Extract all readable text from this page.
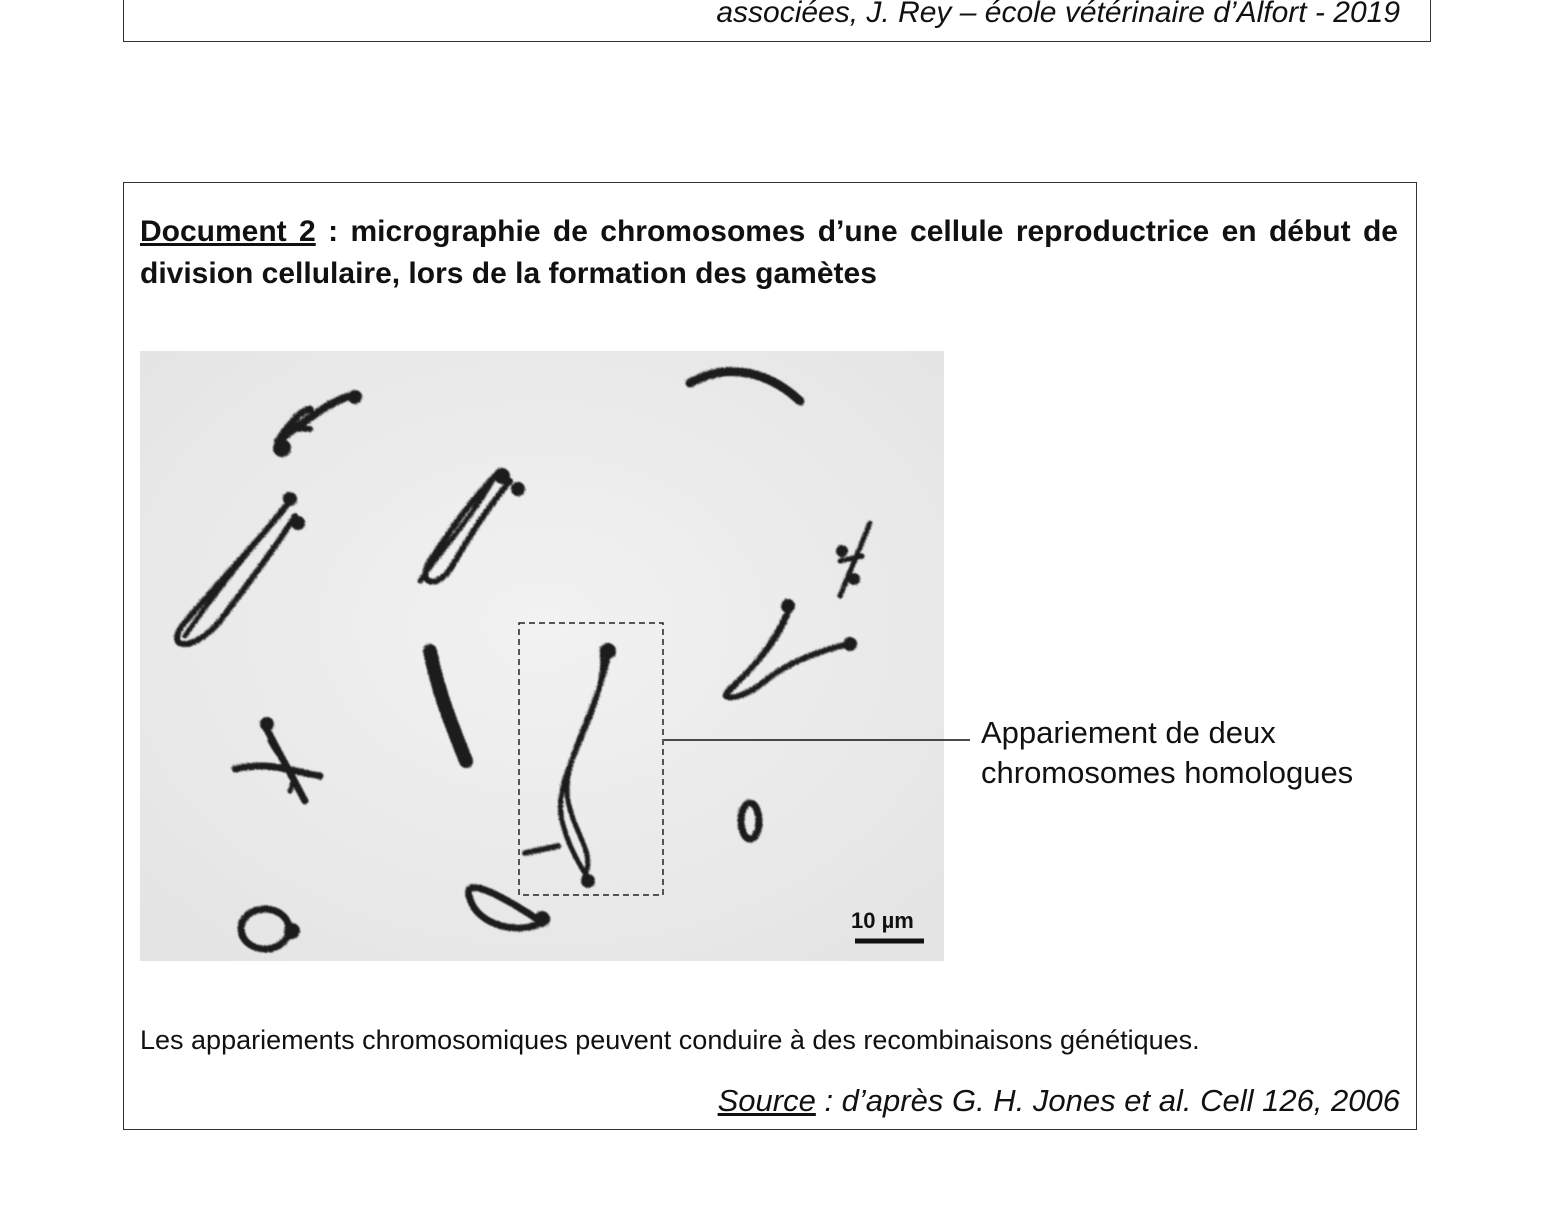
associées, J. Rey – école vétérinaire d’Alfort - 2019
Document 2 : micrographie de chromosomes d’une cellule reproductrice en début de division cellulaire, lors de la formation des gamètes
10 µm
Appariement de deux
chromosomes homologues
Les appariements chromosomiques peuvent conduire à des recombinaisons génétiques.
Source : d’après G. H. Jones et al. Cell 126, 2006
